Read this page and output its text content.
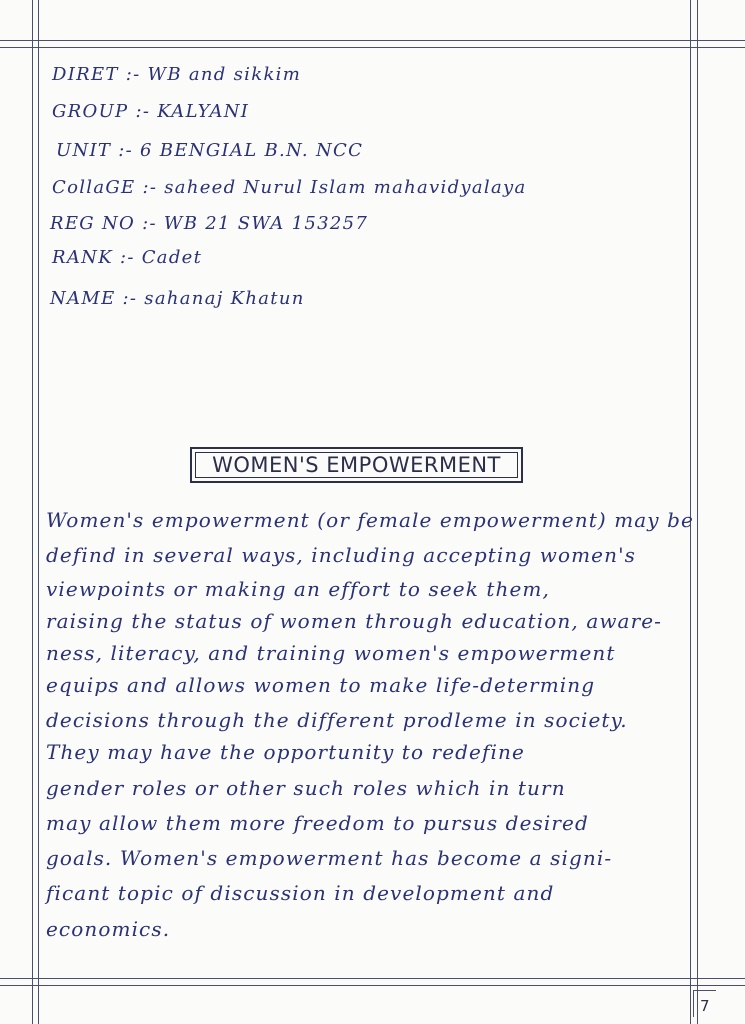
DIRET :- WB and sikkim
GROUP :- KALYANI
UNIT :- 6 BENGIAL B.N. NCC
CollaGE :- saheed Nurul Islam mahavidyalaya
REG NO :- WB 21 SWA 153257
RANK :- Cadet
NAME :- sahanaj Khatun
WOMEN'S EMPOWERMENT
Women's empowerment (or female empowerment) may be
defind in several ways, including accepting women's
viewpoints or making an effort to seek them,
raising the status of women through education, aware-
ness, literacy, and training women's empowerment
equips and allows women to make life-determing
decisions through the different prodleme in society.
They may have the opportunity to redefine
gender roles or other such roles which in turn
may allow them more freedom to pursus desired
goals. Women's empowerment has become a signi-
ficant topic of discussion in development and
economics.
7
